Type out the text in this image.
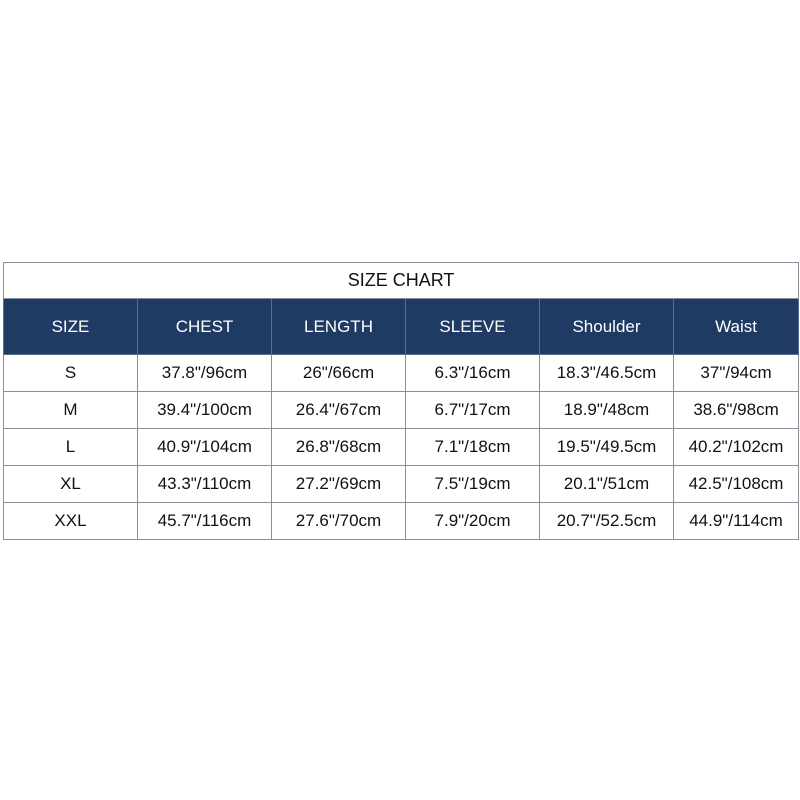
SIZE CHART					
SIZE	CHEST	LENGTH	SLEEVE	Shoulder	Waist
S	37.8"/96cm	26"/66cm	6.3"/16cm	18.3"/46.5cm	37"/94cm
M	39.4"/100cm	26.4"/67cm	6.7"/17cm	18.9"/48cm	38.6"/98cm
L	40.9"/104cm	26.8"/68cm	7.1"/18cm	19.5"/49.5cm	40.2"/102cm
XL	43.3"/110cm	27.2"/69cm	7.5"/19cm	20.1"/51cm	42.5"/108cm
XXL	45.7"/116cm	27.6"/70cm	7.9"/20cm	20.7"/52.5cm	44.9"/114cm
